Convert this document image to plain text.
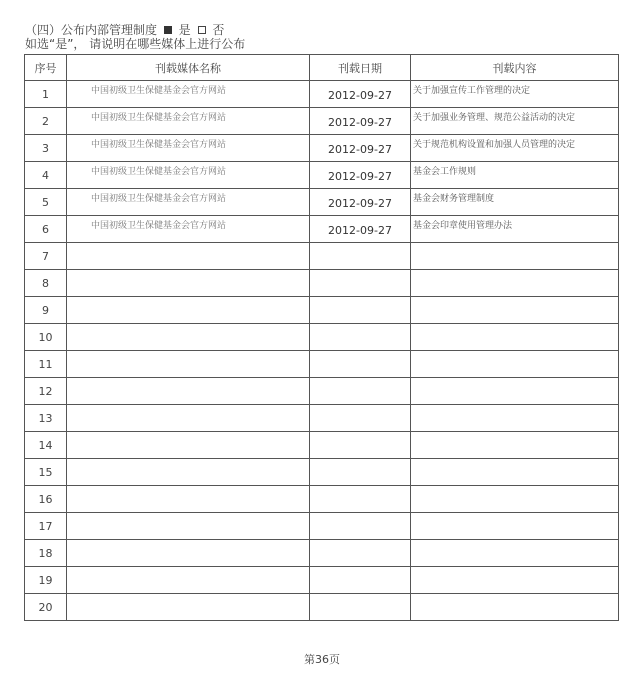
（四）公布内部管理制度 是 否
如选“是”， 请说明在哪些媒体上进行公布
序号	刊载媒体名称	刊载日期	刊载内容
1	中国初级卫生保健基金会官方网站	2012-09-27	关于加强宣传工作管理的决定
2	中国初级卫生保健基金会官方网站	2012-09-27	关于加强业务管理、规范公益活动的决定
3	中国初级卫生保健基金会官方网站	2012-09-27	关于规范机构设置和加强人员管理的决定
4	中国初级卫生保健基金会官方网站	2012-09-27	基金会工作规则
5	中国初级卫生保健基金会官方网站	2012-09-27	基金会财务管理制度
6	中国初级卫生保健基金会官方网站	2012-09-27	基金会印章使用管理办法
7			
8			
9			
10			
11			
12			
13			
14			
15			
16			
17			
18			
19			
20			
第36页
